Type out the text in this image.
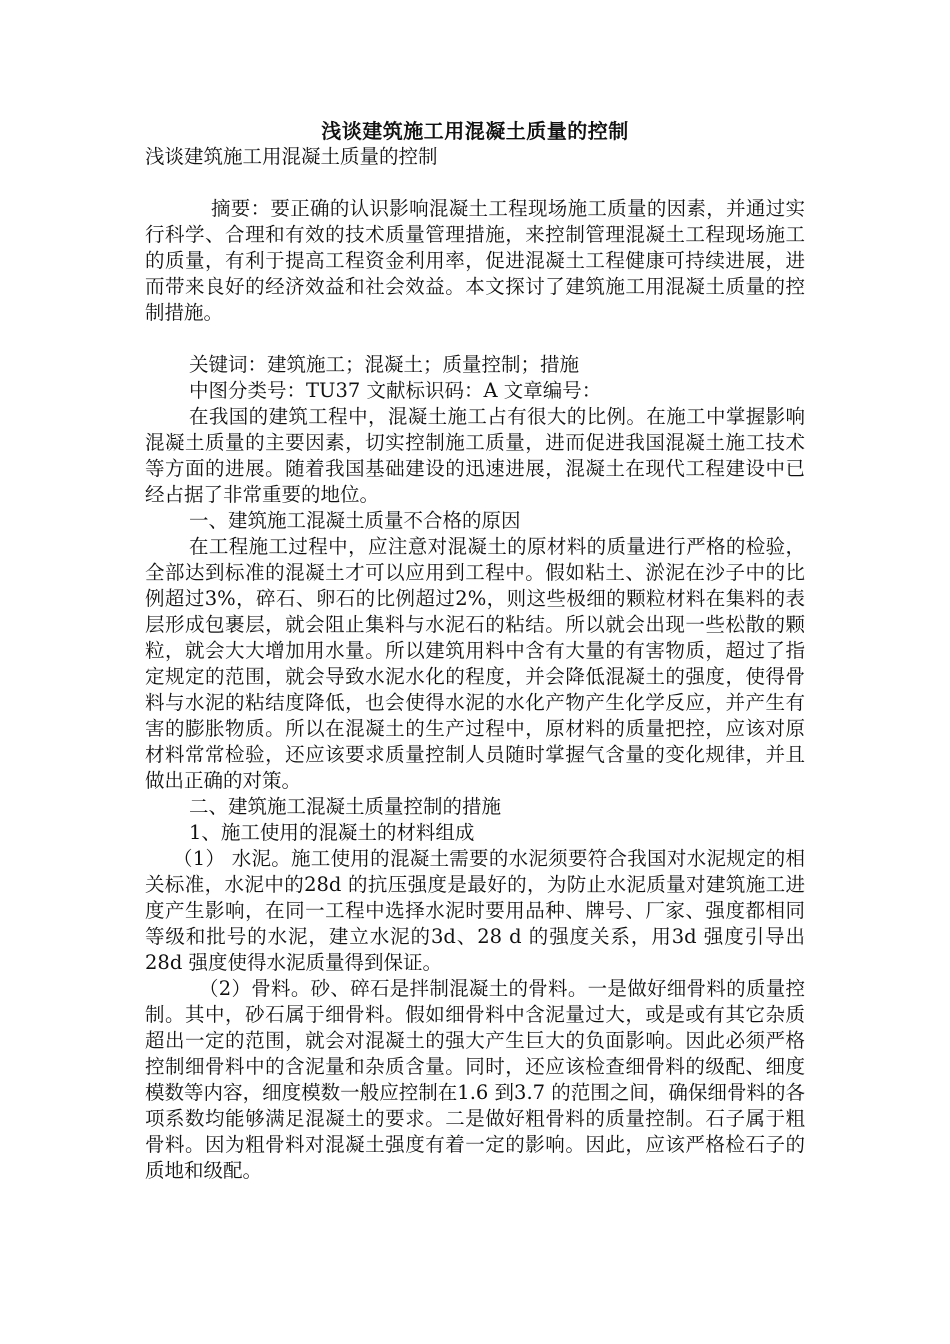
浅谈建筑施工用混凝土质量的控制

浅谈建筑施工用混凝土质量的控制

摘要：要正确的认识影响混凝土工程现场施工质量的因素，并通过实行科学、合理和有效的技术质量管理措施，来控制管理混凝土工程现场施工的质量，有利于提高工程资金利用率，促进混凝土工程健康可持续进展，进而带来良好的经济效益和社会效益。本文探讨了建筑施工用混凝土质量的控制措施。

关键词：建筑施工；混凝土；质量控制；措施

中图分类号：TU37 文献标识码：A 文章编号：

在我国的建筑工程中，混凝土施工占有很大的比例。在施工中掌握影响混凝土质量的主要因素，切实控制施工质量，进而促进我国混凝土施工技术等方面的进展。随着我国基础建设的迅速进展，混凝土在现代工程建设中已经占据了非常重要的地位。

一、建筑施工混凝土质量不合格的原因

在工程施工过程中，应注意对混凝土的原材料的质量进行严格的检验，全部达到标准的混凝土才可以应用到工程中。假如粘土、淤泥在沙子中的比例超过3%，碎石、卵石的比例超过2%，则这些极细的颗粒材料在集料的表层形成包裹层，就会阻止集料与水泥石的粘结。所以就会出现一些松散的颗粒，就会大大增加用水量。所以建筑用料中含有大量的有害物质，超过了指定规定的范围，就会导致水泥水化的程度，并会降低混凝土的强度，使得骨料与水泥的粘结度降低，也会使得水泥的水化产物产生化学反应，并产生有害的膨胀物质。所以在混凝土的生产过程中，原材料的质量把控，应该对原材料常常检验，还应该要求质量控制人员随时掌握气含量的变化规律，并且做出正确的对策。

二、建筑施工混凝土质量控制的措施

1、施工使用的混凝土的材料组成

（1） 水泥。施工使用的混凝土需要的水泥须要符合我国对水泥规定的相关标准，水泥中的28d 的抗压强度是最好的，为防止水泥质量对建筑施工进度产生影响，在同一工程中选择水泥时要用品种、牌号、厂家、强度都相同等级和批号的水泥，建立水泥的3d、28 d 的强度关系，用3d 强度引导出28d 强度使得水泥质量得到保证。

（2）骨料。砂、碎石是拌制混凝土的骨料。一是做好细骨料的质量控制。其中，砂石属于细骨料。假如细骨料中含泥量过大，或是或有其它杂质超出一定的范围，就会对混凝土的强大产生巨大的负面影响。因此必须严格控制细骨料中的含泥量和杂质含量。同时，还应该检查细骨料的级配、细度模数等内容，细度模数一般应控制在1.6 到3.7 的范围之间，确保细骨料的各项系数均能够满足混凝土的要求。二是做好粗骨料的质量控制。石子属于粗骨料。因为粗骨料对混凝土强度有着一定的影响。因此，应该严格检石子的质地和级配。
